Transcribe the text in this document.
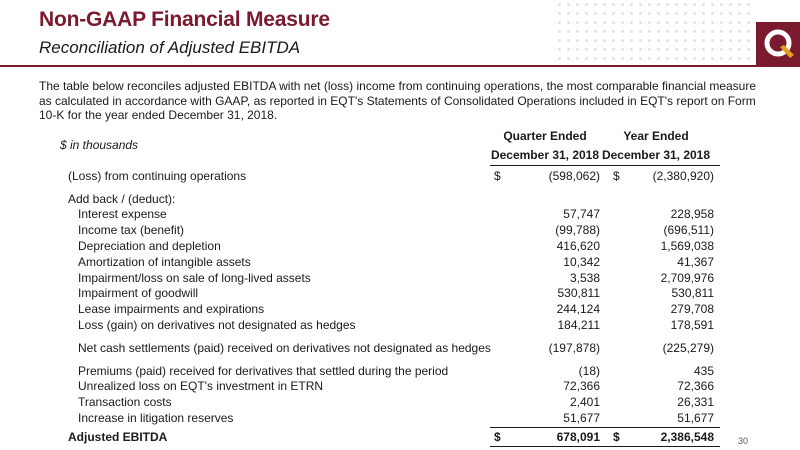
Non-GAAP Financial Measure
Reconciliation of Adjusted EBITDA
The table below reconciles adjusted EBITDA with net (loss) income from continuing operations, the most comparable financial measure as calculated in accordance with GAAP, as reported in EQT's Statements of Consolidated Operations included in EQT's report on Form 10-K for the year ended December 31, 2018.
$ in thousands
Quarter Ended
December 31, 2018
Year Ended
December 31, 2018
(Loss) from continuing operations	$	(598,062) $	(2,380,920)
Add back / (deduct):
Interest expense	57,747	228,958
Income tax (benefit)	(99,788)	(696,511)
Depreciation and depletion	416,620	1,569,038
Amortization of intangible assets	10,342	41,367
Impairment/loss on sale of long-lived assets	3,538	2,709,976
Impairment of goodwill	530,811	530,811
Lease impairments and expirations	244,124	279,708
Loss (gain) on derivatives not designated as hedges	184,211	178,591
Net cash settlements (paid) received on derivatives not designated as hedges	(197,878)	(225,279)
Premiums (paid) received for derivatives that settled during the period	(18)	435
Unrealized loss on EQT's investment in ETRN	72,366	72,366
Transaction costs	2,401	26,331
Increase in litigation reserves	51,677	51,677
Adjusted EBITDA	$	678,091 $	2,386,548	30
